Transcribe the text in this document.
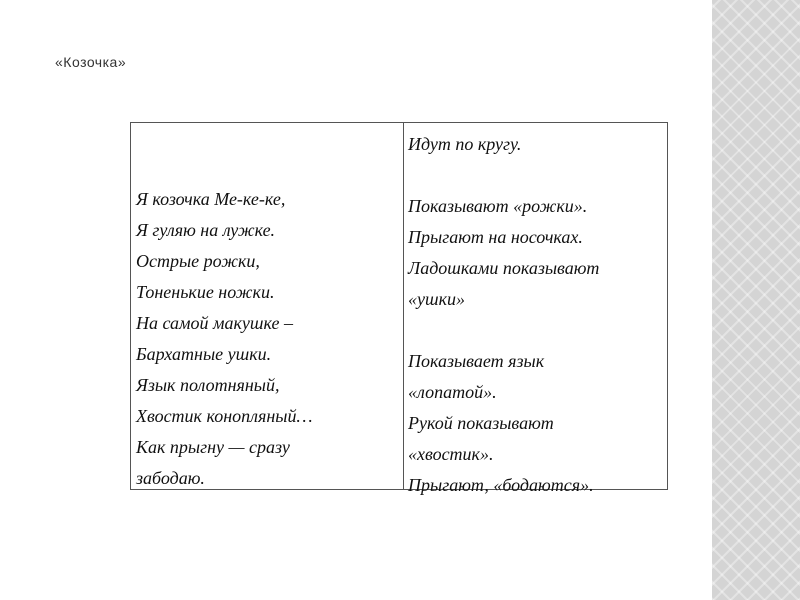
«Козочка»
Я козочка Ме-ке-ке,
Я гуляю на лужке.
Острые рожки,
Тоненькие ножки.
На самой макушке –
Бархатные ушки.
Язык полотняный,
Хвостик конопляный…
Как прыгну — сразу
забодаю.
Идут по кругу.
Показывают «рожки».
Прыгают на носочках.
Ладошками показывают
«ушки»
Показывает язык
«лопатой».
Рукой показывают
«хвостик».
Прыгают, «бодаются».
